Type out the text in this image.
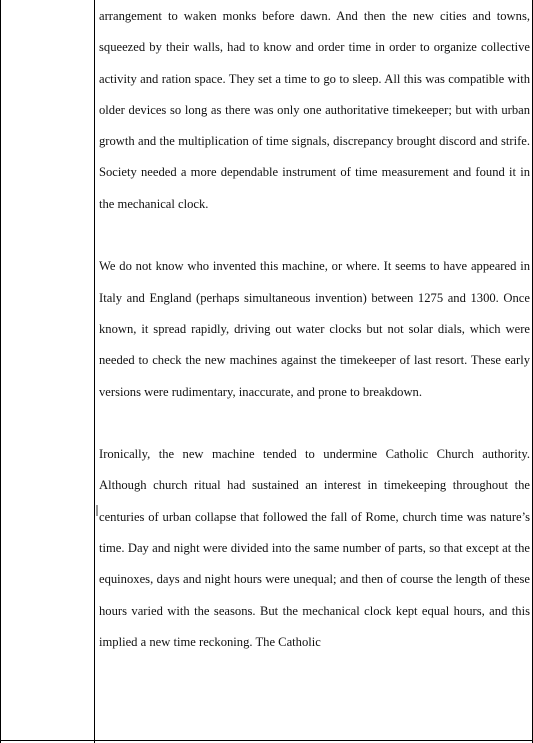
arrangement to waken monks before dawn. And then the new cities and towns, squeezed by their walls, had to know and order time in order to organize collective activity and ration space. They set a time to go to sleep. All this was compatible with older devices so long as there was only one authoritative timekeeper; but with urban growth and the multiplication of time signals, discrepancy brought discord and strife. Society needed a more dependable instrument of time measurement and found it in the mechanical clock.

We do not know who invented this machine, or where. It seems to have appeared in Italy and England (perhaps simultaneous invention) between 1275 and 1300. Once known, it spread rapidly, driving out water clocks but not solar dials, which were needed to check the new machines against the timekeeper of last resort. These early versions were rudimentary, inaccurate, and prone to breakdown.

Ironically, the new machine tended to undermine Catholic Church authority. Although church ritual had sustained an interest in timekeeping throughout the centuries of urban collapse that followed the fall of Rome, church time was nature’s time. Day and night were divided into the same number of parts, so that except at the equinoxes, days and night hours were unequal; and then of course the length of these hours varied with the seasons. But the mechanical clock kept equal hours, and this implied a new time reckoning. The Catholic
